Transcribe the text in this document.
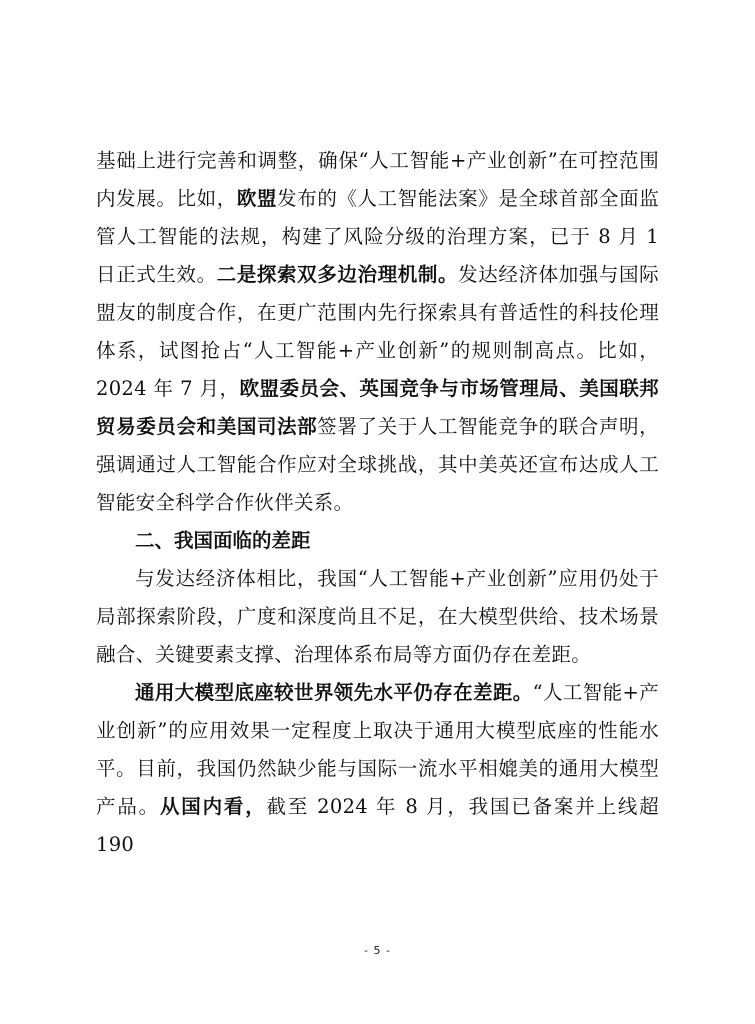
基础上进行完善和调整，确保“人工智能+产业创新”在可控范围内发展。比如，欧盟发布的《人工智能法案》是全球首部全面监管人工智能的法规，构建了风险分级的治理方案，已于 8 月 1 日正式生效。二是探索双多边治理机制。发达经济体加强与国际盟友的制度合作，在更广范围内先行探索具有普适性的科技伦理体系，试图抢占“人工智能+产业创新”的规则制高点。比如，2024 年 7 月，欧盟委员会、英国竞争与市场管理局、美国联邦贸易委员会和美国司法部签署了关于人工智能竞争的联合声明，强调通过人工智能合作应对全球挑战，其中美英还宣布达成人工智能安全科学合作伙伴关系。

二、我国面临的差距

与发达经济体相比，我国“人工智能+产业创新”应用仍处于局部探索阶段，广度和深度尚且不足，在大模型供给、技术场景融合、关键要素支撑、治理体系布局等方面仍存在差距。

通用大模型底座较世界领先水平仍存在差距。“人工智能+产业创新”的应用效果一定程度上取决于通用大模型底座的性能水平。目前，我国仍然缺少能与国际一流水平相媲美的通用大模型产品。从国内看，截至 2024 年 8 月，我国已备案并上线超 190

- 5 -
